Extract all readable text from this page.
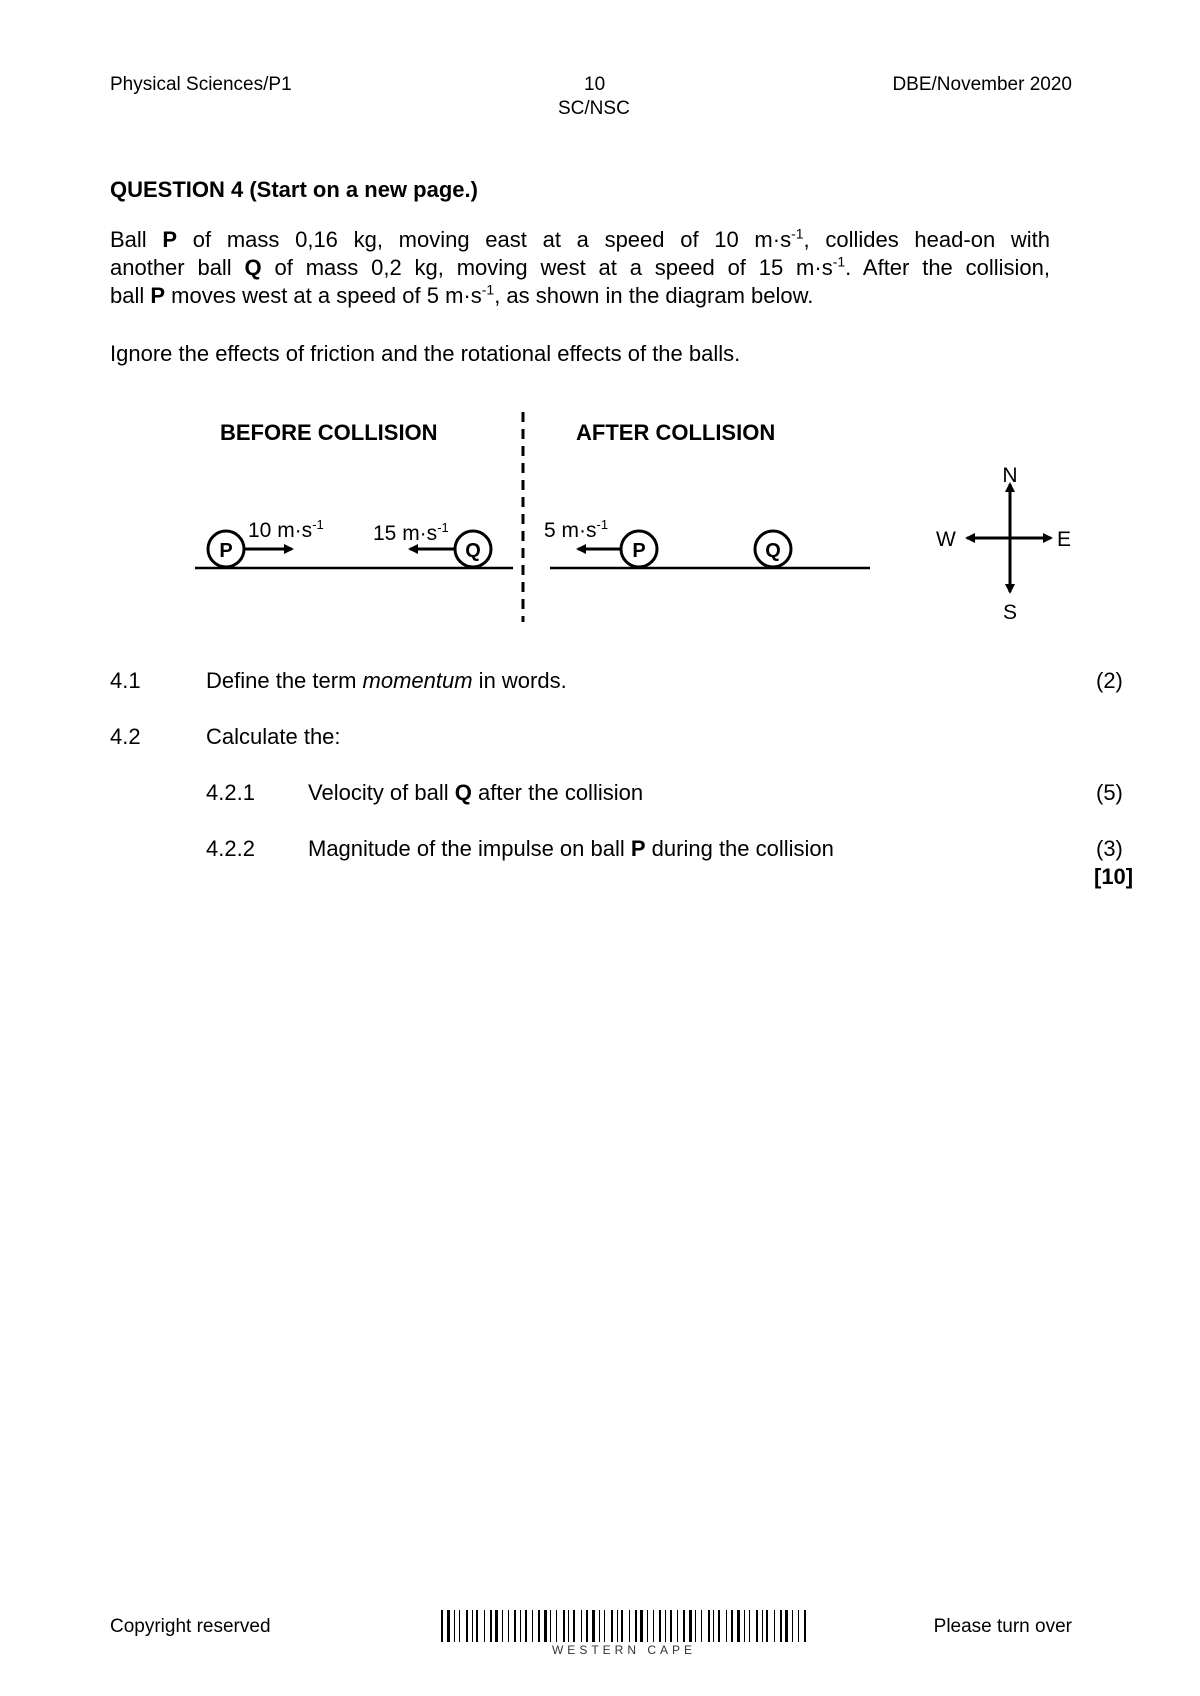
Physical Sciences/P1	10
SC/NSC
DBE/November 2020
QUESTION 4 (Start on a new page.)
Ball P of mass 0,16 kg, moving east at a speed of 10 $m\cdot s^{-1}$, collides head-on with
another ball Q of mass 0,2 kg, moving west at a speed of 15 $m\cdot s^{-1}$. After the collision,
ball P moves west at a speed of 5 $m\cdot s^{-1}$, as shown in the diagram below.
Ignore the effects of friction and the rotational effects of the balls.
BEFORE COLLISION	AFTER COLLISION
P
10 $m\cdot s^{-1}$
Q
15 $m\cdot s^{-1}$
P
5 $m\cdot s^{-1}$
Q
N
S
E
W
4.1	Define the term momentum in words.	(2)
4.2	Calculate the:
4.2.1 Velocity of ball Q after the collision	(5)
4.2.2 Magnitude of the impulse on ball P during the collision	(3)
[10]
Copyright reserved	Please turn over
WESTERN CAPE
